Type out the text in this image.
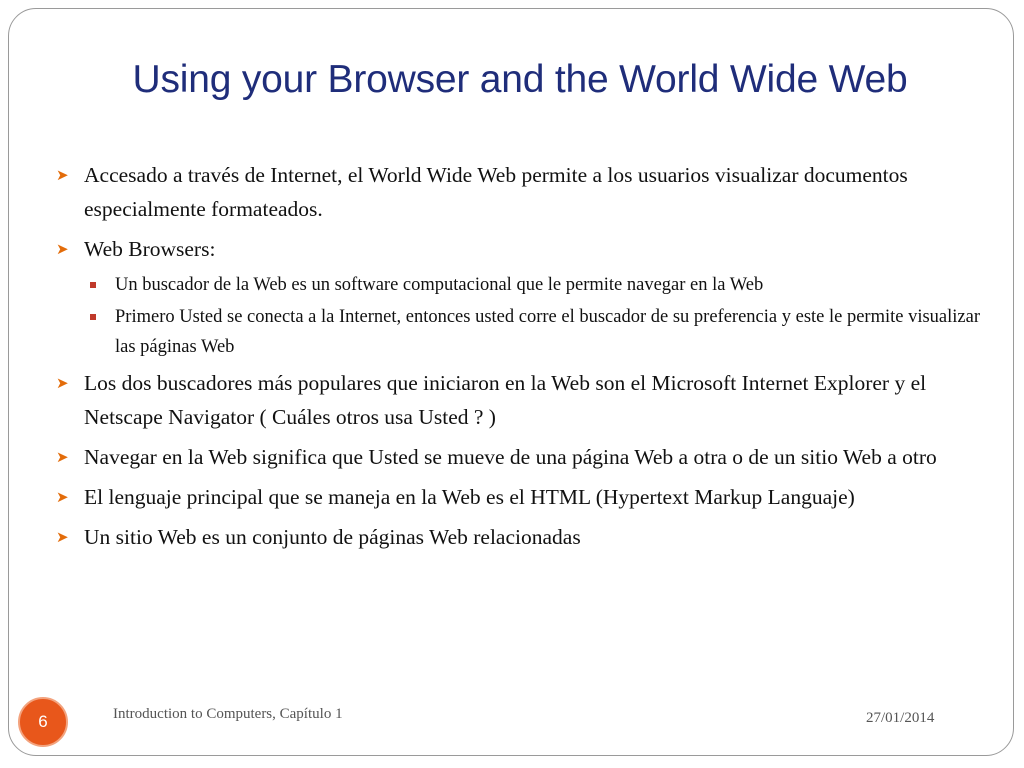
Using your Browser and the World Wide Web
➤ Accesado a través de Internet, el World Wide Web permite a los usuarios visualizar documentos especialmente formateados.
➤ Web Browsers:
Un buscador de la Web es un software computacional que le permite navegar en la Web
Primero Usted se conecta a la Internet, entonces usted corre el buscador de su preferencia y este le permite visualizar las páginas Web
➤ Los dos buscadores más populares que iniciaron en la Web son el Microsoft Internet Explorer y el Netscape Navigator ( Cuáles otros usa Usted ? )
➤ Navegar en la Web significa que Usted se mueve de una página Web a otra o de un sitio Web a otro
➤ El lenguaje principal que se maneja en la Web es el HTML (Hypertext Markup Languaje)
➤ Un sitio Web es un conjunto de páginas Web relacionadas
6	Introduction to Computers, Capítulo 1	27/01/2014
